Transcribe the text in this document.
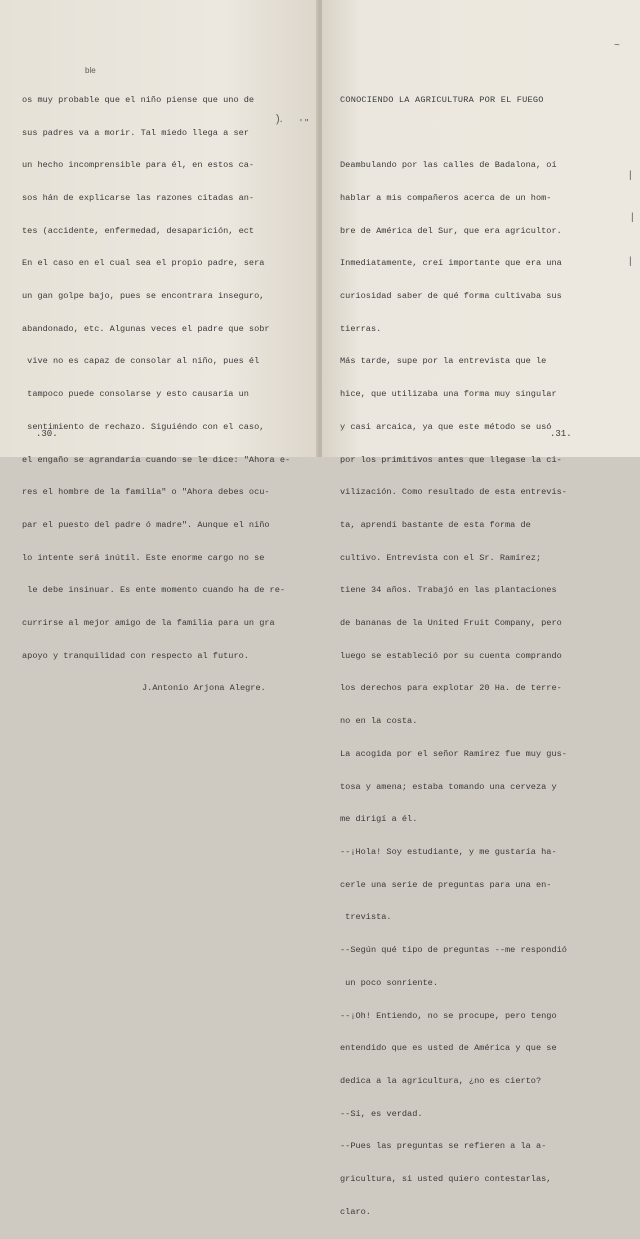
os muy probable que el niño piense que uno de

sus padres va a morir. Tal miedo llega a ser

un hecho incomprensible para él, en estos ca-

sos hán de explicarse las razones citadas an-

tes (accidente, enfermedad, desaparición, ect

En el caso en el cual sea el propio padre, sera

un gan golpe bajo, pues se encontrara inseguro,

abandonado, etc. Algunas veces el padre que sobr

vive no es capaz de consolar al niño, pues él

tampoco puede consolarse y esto causaría un

sentimiento de rechazo. Siguiéndo con el caso,

el engaño se agrandaría cuando se le dice: "Ahora e-

res el hombre de la familia" o "Ahora debes ocu-

par el puesto del padre ó madre". Aunque el niño

lo intente será inútil. Este enorme cargo no se

le debe insinuar. Es ente momento cuando ha de re-

currirse al mejor amigo de la familia para un gra

apoyo y tranquilidad con respecto al futuro.

J.Antonio Arjona Alegre.

.30.

CONOCIENDO LA AGRICULTURA POR EL FUEGO

Deambulando por las calles de Badalona, oí

hablar a mis compañeros acerca de un hom-

bre de América del Sur, que era agricultor.

Inmediatamente, creí importante que era una

curiosidad saber de qué forma cultivaba sus

tierras.

Más tarde, supe por la entrevista que le

hice, que utilizaba una forma muy singular

y casi arcaica, ya que este método se usó

por los primitivos antes que llegase la ci-

vilización. Como resultado de esta entrevis-

ta, aprendí bastante de esta forma de

cultivo. Entrevista con el Sr. Ramírez;

tiene 34 años. Trabajó en las plantaciones

de bananas de la United Fruit Company, pero

luego se estableció por su cuenta comprando

los derechos para explotar 20 Ha. de terre-

no en la costa.

La acogida por el señor Ramírez fue muy gus-

tosa y amena; estaba tomando una cerveza y

me dirigí a él.

--¡Hola! Soy estudiante, y me gustaría ha-

cerle una serie de preguntas para una en-

trevista.

--Según qué tipo de preguntas --me respondió

un poco sonriente.

--¡Oh! Entiendo, no se procupe, pero tengo

entendido que es usted de América y que se

dedica a la agricultura, ¿no es cierto?

--Sí, es verdad.

--Pues las preguntas se refieren a la a-

gricultura, si usted quiero contestarlas,

claro.

.31.
ble
). ' ''
~
|
|
|
